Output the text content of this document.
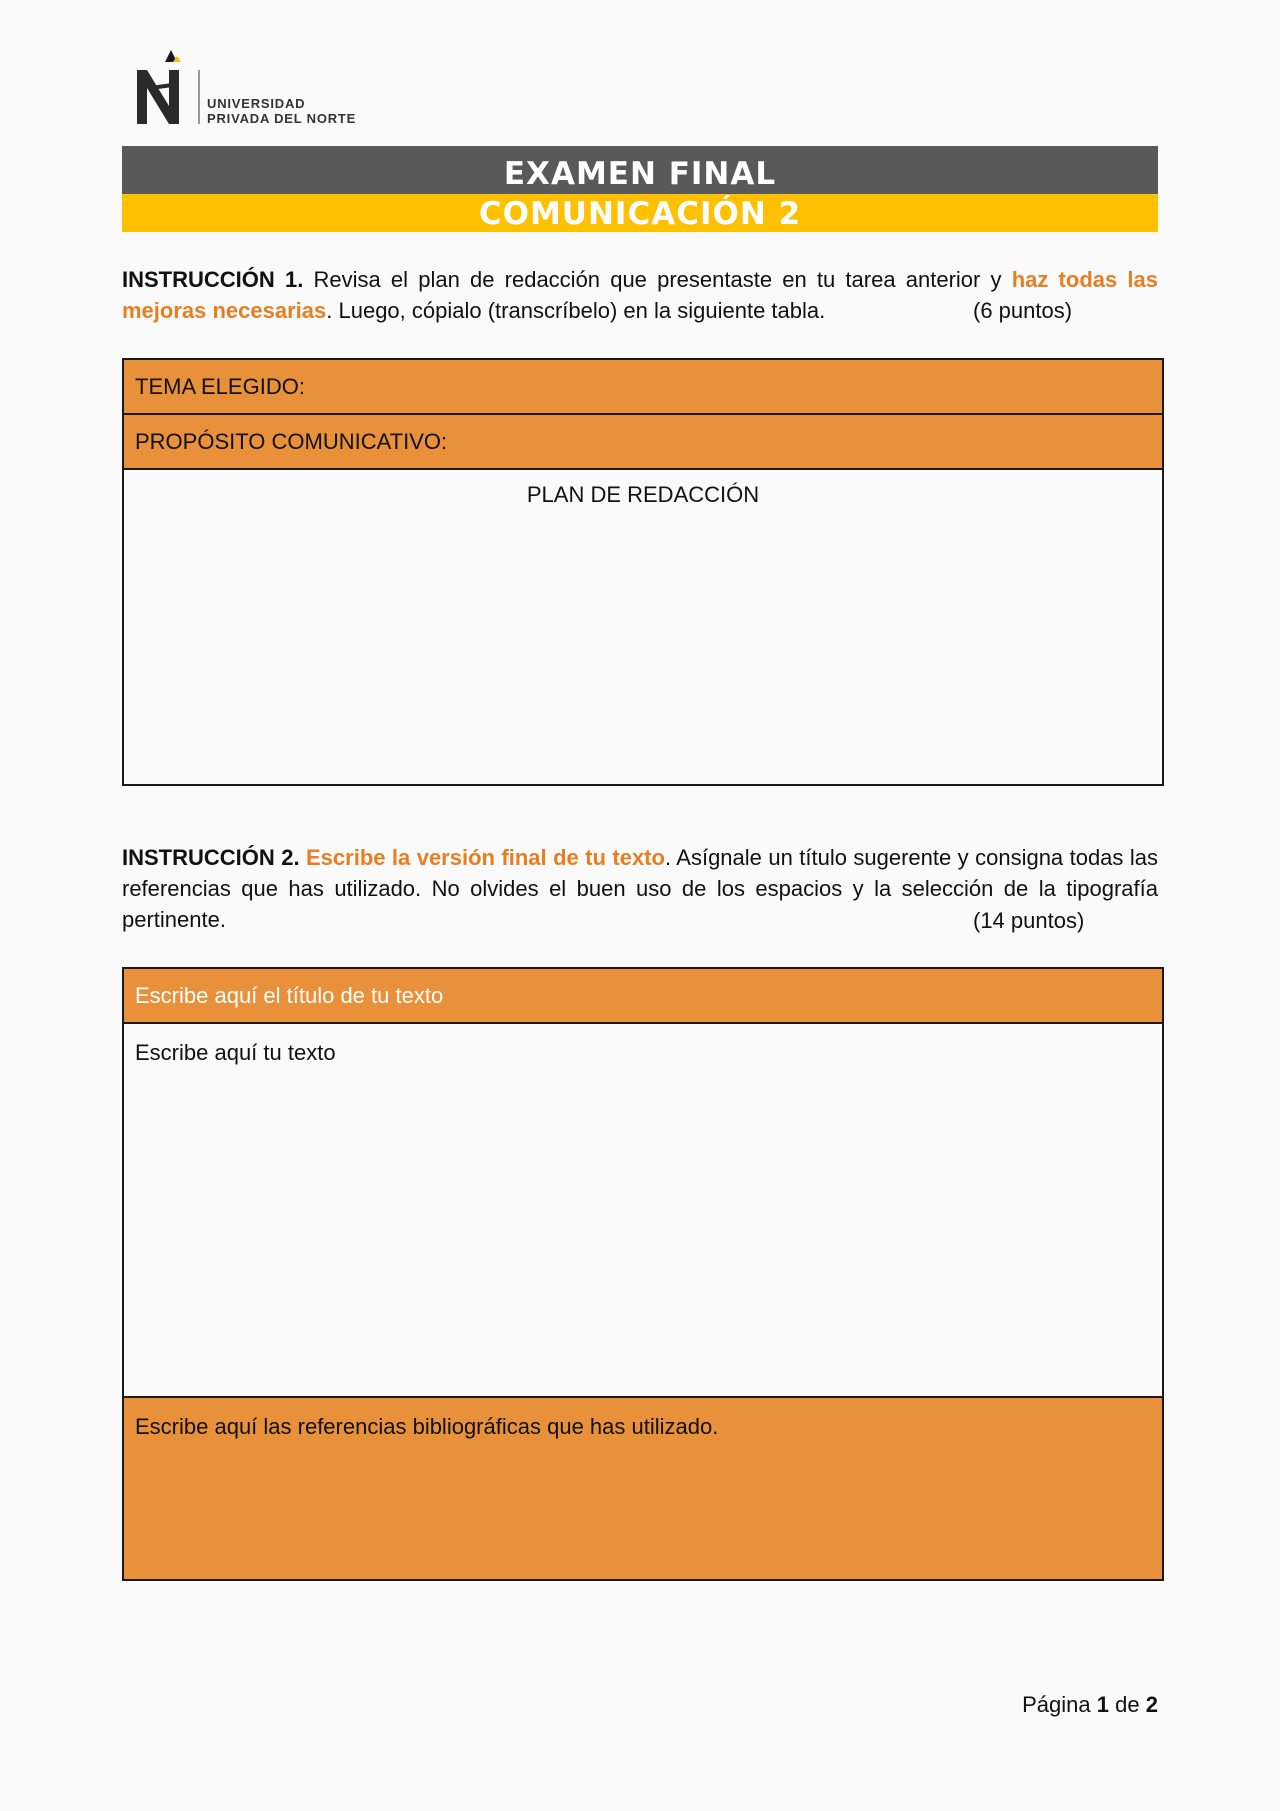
UNIVERSIDAD
PRIVADA DEL NORTE
EXAMEN FINAL
COMUNICACIÓN 2
INSTRUCCIÓN 1. Revisa el plan de redacción que presentaste en tu tarea anterior y haz todas las mejoras necesarias. Luego, cópialo (transcríbelo) en la siguiente tabla.	(6 puntos)
TEMA ELEGIDO:
PROPÓSITO COMUNICATIVO:
PLAN DE REDACCIÓN
INSTRUCCIÓN 2. Escribe la versión final de tu texto. Asígnale un título sugerente y consigna todas las referencias que has utilizado. No olvides el buen uso de los espacios y la selección de la tipografía pertinente.	(14 puntos)
Escribe aquí el título de tu texto
Escribe aquí tu texto
Escribe aquí las referencias bibliográficas que has utilizado.
Página 1 de 2
